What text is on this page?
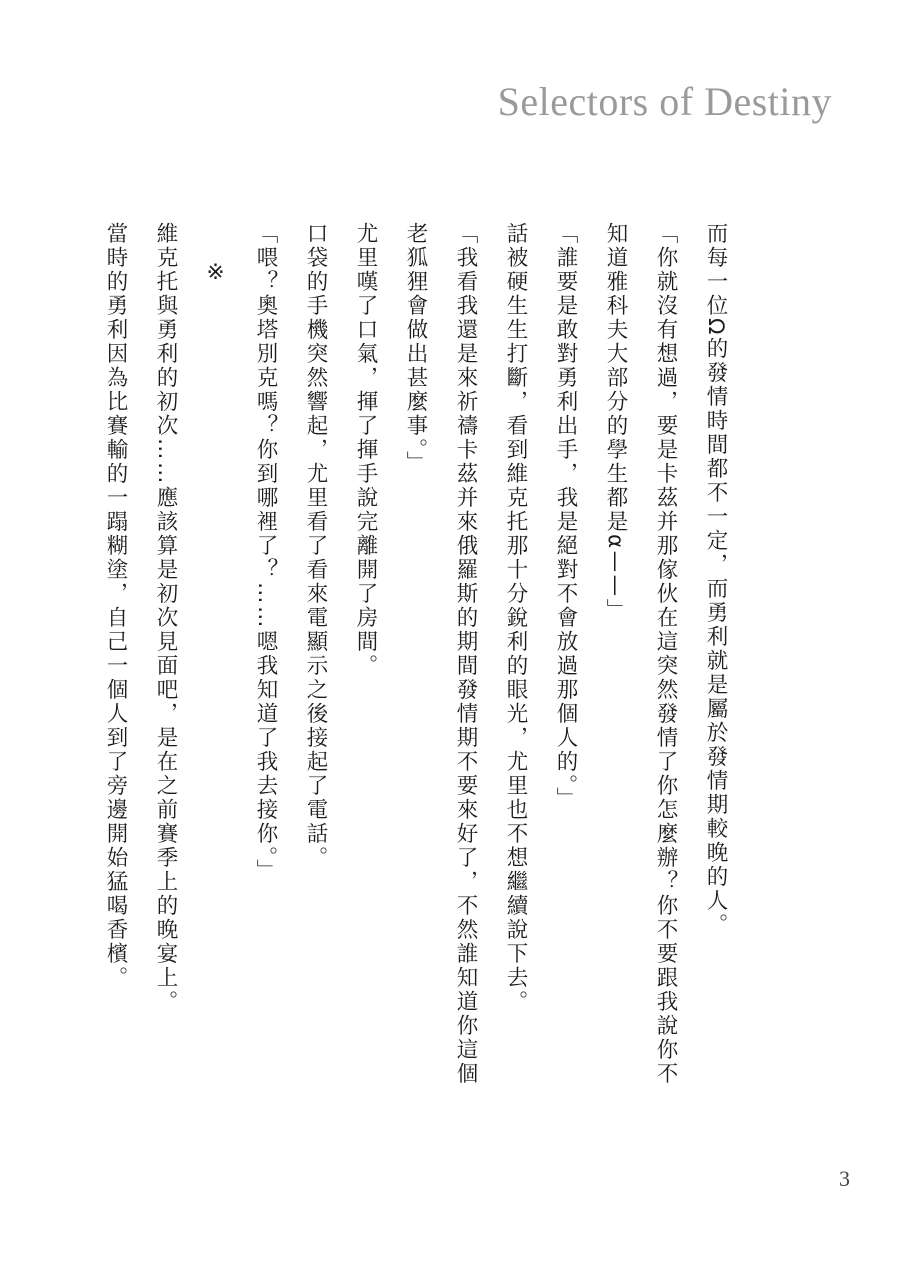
Selectors of Destiny

而每一位Ω的發情時間都不一定，而勇利就是屬於發情期較晚的人。

「你就沒有想過，要是卡茲并那傢伙在這突然發情了你怎麼辦？你不要跟我說你不知道雅科夫大部分的學生都是α——」

「誰要是敢對勇利出手，我是絕對不會放過那個人的。」

話被硬生生打斷，看到維克托那十分銳利的眼光，尤里也不想繼續說下去。

「我看我還是來祈禱卡茲并來俄羅斯的期間發情期不要來好了，不然誰知道你這個老狐狸會做出甚麼事。」

尤里嘆了口氣，揮了揮手說完離開了房間。

口袋的手機突然響起，尤里看了看來電顯示之後接起了電話。

「喂？奧塔別克嗎？你到哪裡了？……嗯我知道了我去接你。」

※

維克托與勇利的初次……應該算是初次見面吧，是在之前賽季上的晚宴上。

當時的勇利因為比賽輸的一蹋糊塗，自己一個人到了旁邊開始猛喝香檳。

3
